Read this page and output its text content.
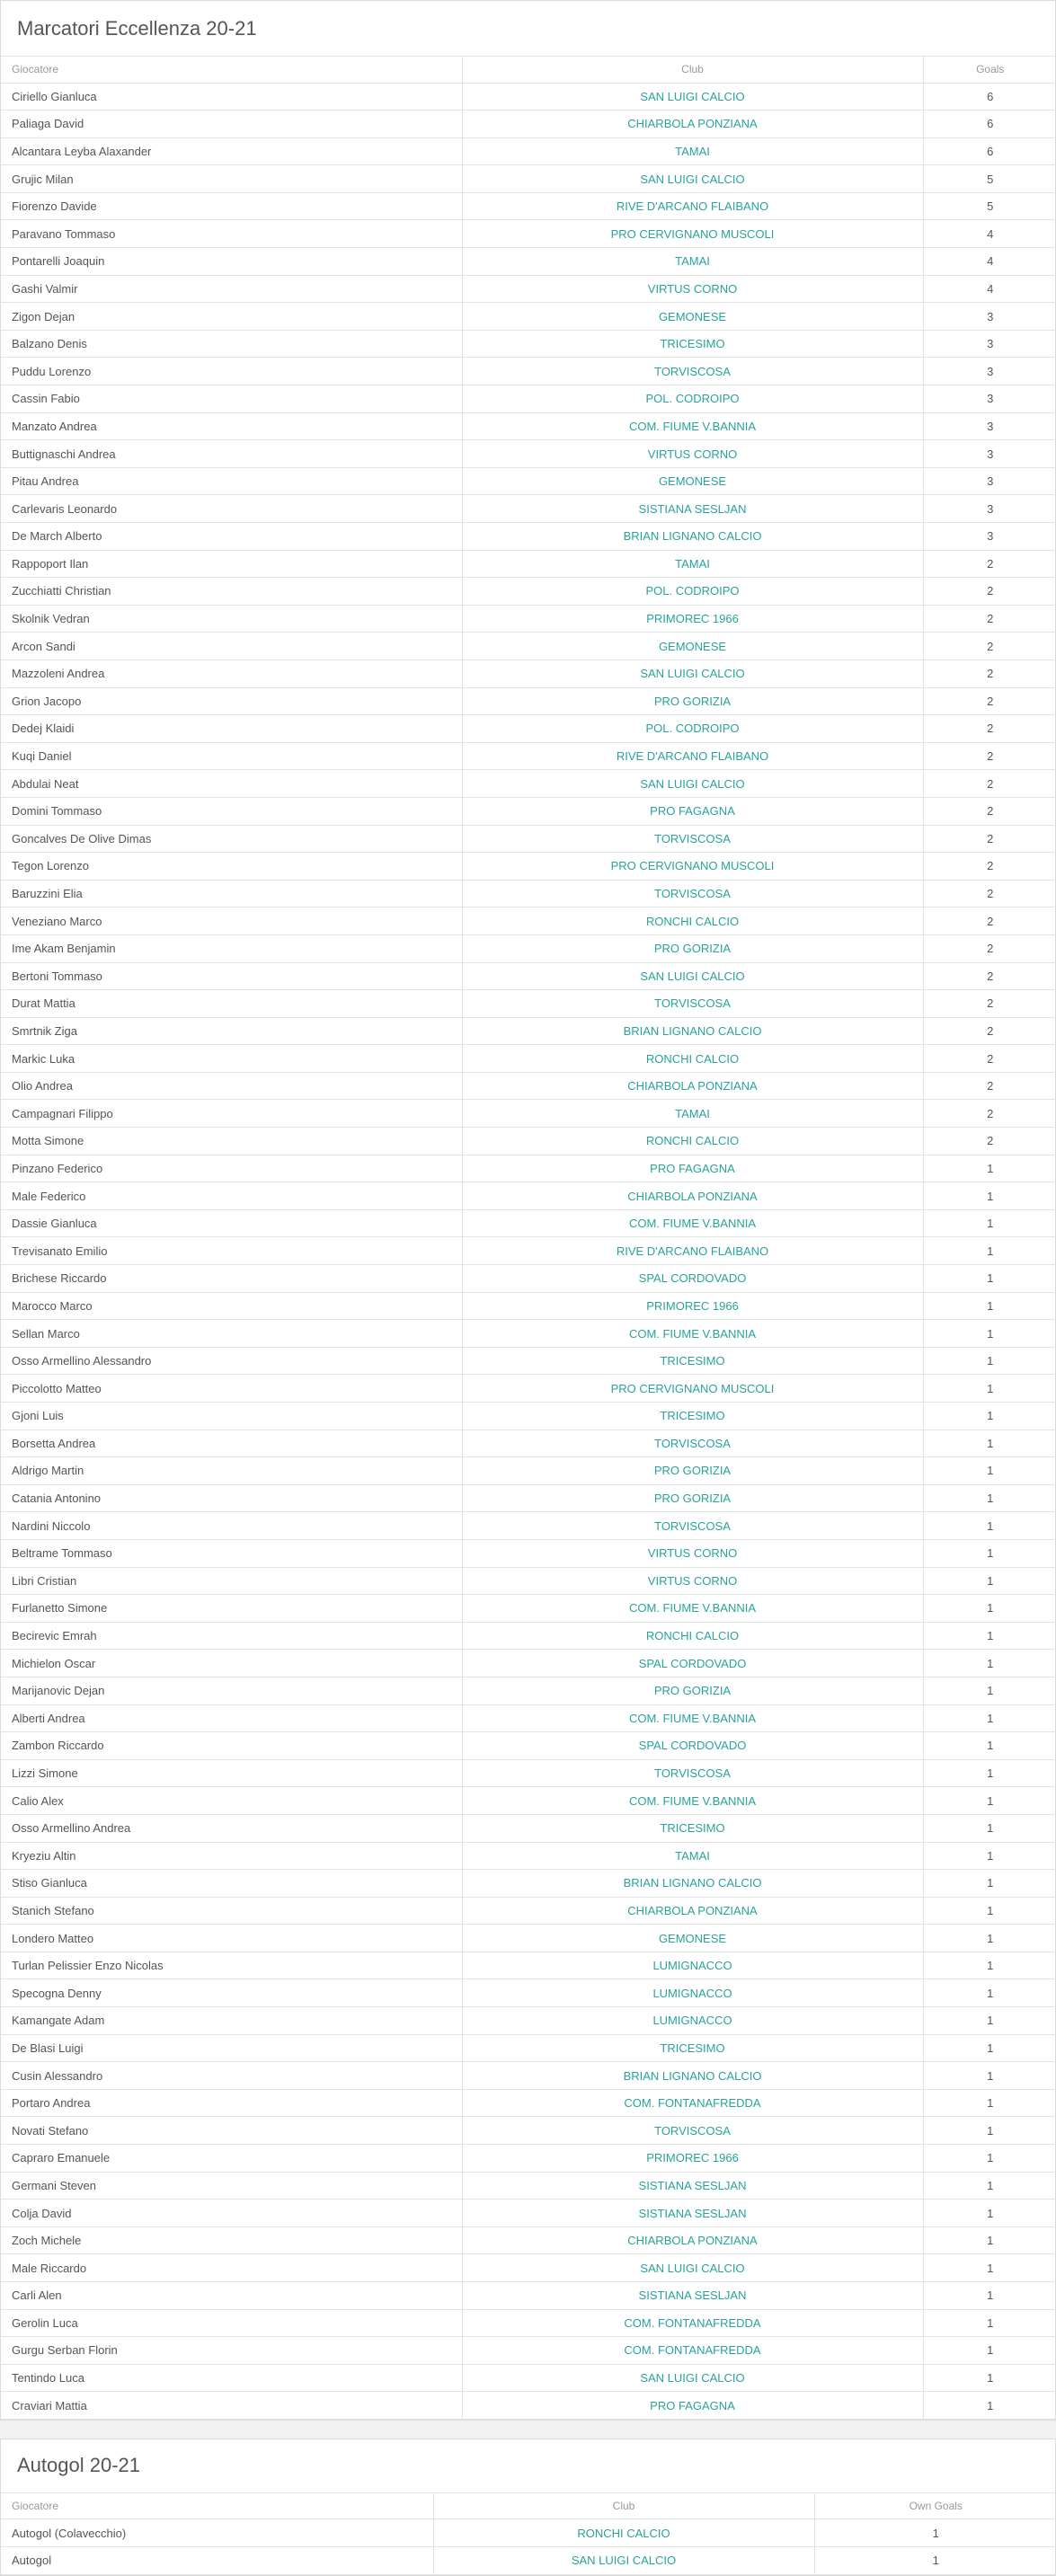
Marcatori Eccellenza 20-21
Giocatore	Club	Goals
Ciriello Gianluca	SAN LUIGI CALCIO	6
Paliaga David	CHIARBOLA PONZIANA	6
Alcantara Leyba Alaxander	TAMAI	6
Grujic Milan	SAN LUIGI CALCIO	5
Fiorenzo Davide	RIVE D'ARCANO FLAIBANO	5
Paravano Tommaso	PRO CERVIGNANO MUSCOLI	4
Pontarelli Joaquin	TAMAI	4
Gashi Valmir	VIRTUS CORNO	4
Zigon Dejan	GEMONESE	3
Balzano Denis	TRICESIMO	3
Puddu Lorenzo	TORVISCOSA	3
Cassin Fabio	POL. CODROIPO	3
Manzato Andrea	COM. FIUME V.BANNIA	3
Buttignaschi Andrea	VIRTUS CORNO	3
Pitau Andrea	GEMONESE	3
Carlevaris Leonardo	SISTIANA SESLJAN	3
De March Alberto	BRIAN LIGNANO CALCIO	3
Rappoport Ilan	TAMAI	2
Zucchiatti Christian	POL. CODROIPO	2
Skolnik Vedran	PRIMOREC 1966	2
Arcon Sandi	GEMONESE	2
Mazzoleni Andrea	SAN LUIGI CALCIO	2
Grion Jacopo	PRO GORIZIA	2
Dedej Klaidi	POL. CODROIPO	2
Kuqi Daniel	RIVE D'ARCANO FLAIBANO	2
Abdulai Neat	SAN LUIGI CALCIO	2
Domini Tommaso	PRO FAGAGNA	2
Goncalves De Olive Dimas	TORVISCOSA	2
Tegon Lorenzo	PRO CERVIGNANO MUSCOLI	2
Baruzzini Elia	TORVISCOSA	2
Veneziano Marco	RONCHI CALCIO	2
Ime Akam Benjamin	PRO GORIZIA	2
Bertoni Tommaso	SAN LUIGI CALCIO	2
Durat Mattia	TORVISCOSA	2
Smrtnik Ziga	BRIAN LIGNANO CALCIO	2
Markic Luka	RONCHI CALCIO	2
Olio Andrea	CHIARBOLA PONZIANA	2
Campagnari Filippo	TAMAI	2
Motta Simone	RONCHI CALCIO	2
Pinzano Federico	PRO FAGAGNA	1
Male Federico	CHIARBOLA PONZIANA	1
Dassie Gianluca	COM. FIUME V.BANNIA	1
Trevisanato Emilio	RIVE D'ARCANO FLAIBANO	1
Brichese Riccardo	SPAL CORDOVADO	1
Marocco Marco	PRIMOREC 1966	1
Sellan Marco	COM. FIUME V.BANNIA	1
Osso Armellino Alessandro	TRICESIMO	1
Piccolotto Matteo	PRO CERVIGNANO MUSCOLI	1
Gjoni Luis	TRICESIMO	1
Borsetta Andrea	TORVISCOSA	1
Aldrigo Martin	PRO GORIZIA	1
Catania Antonino	PRO GORIZIA	1
Nardini Niccolo	TORVISCOSA	1
Beltrame Tommaso	VIRTUS CORNO	1
Libri Cristian	VIRTUS CORNO	1
Furlanetto Simone	COM. FIUME V.BANNIA	1
Becirevic Emrah	RONCHI CALCIO	1
Michielon Oscar	SPAL CORDOVADO	1
Marijanovic Dejan	PRO GORIZIA	1
Alberti Andrea	COM. FIUME V.BANNIA	1
Zambon Riccardo	SPAL CORDOVADO	1
Lizzi Simone	TORVISCOSA	1
Calio Alex	COM. FIUME V.BANNIA	1
Osso Armellino Andrea	TRICESIMO	1
Kryeziu Altin	TAMAI	1
Stiso Gianluca	BRIAN LIGNANO CALCIO	1
Stanich Stefano	CHIARBOLA PONZIANA	1
Londero Matteo	GEMONESE	1
Turlan Pelissier Enzo Nicolas	LUMIGNACCO	1
Specogna Denny	LUMIGNACCO	1
Kamangate Adam	LUMIGNACCO	1
De Blasi Luigi	TRICESIMO	1
Cusin Alessandro	BRIAN LIGNANO CALCIO	1
Portaro Andrea	COM. FONTANAFREDDA	1
Novati Stefano	TORVISCOSA	1
Capraro Emanuele	PRIMOREC 1966	1
Germani Steven	SISTIANA SESLJAN	1
Colja David	SISTIANA SESLJAN	1
Zoch Michele	CHIARBOLA PONZIANA	1
Male Riccardo	SAN LUIGI CALCIO	1
Carli Alen	SISTIANA SESLJAN	1
Gerolin Luca	COM. FONTANAFREDDA	1
Gurgu Serban Florin	COM. FONTANAFREDDA	1
Tentindo Luca	SAN LUIGI CALCIO	1
Craviari Mattia	PRO FAGAGNA	1
Autogol 20-21
Giocatore	Club	Own Goals
Autogol (Colavecchio)	RONCHI CALCIO	1
Autogol	SAN LUIGI CALCIO	1
